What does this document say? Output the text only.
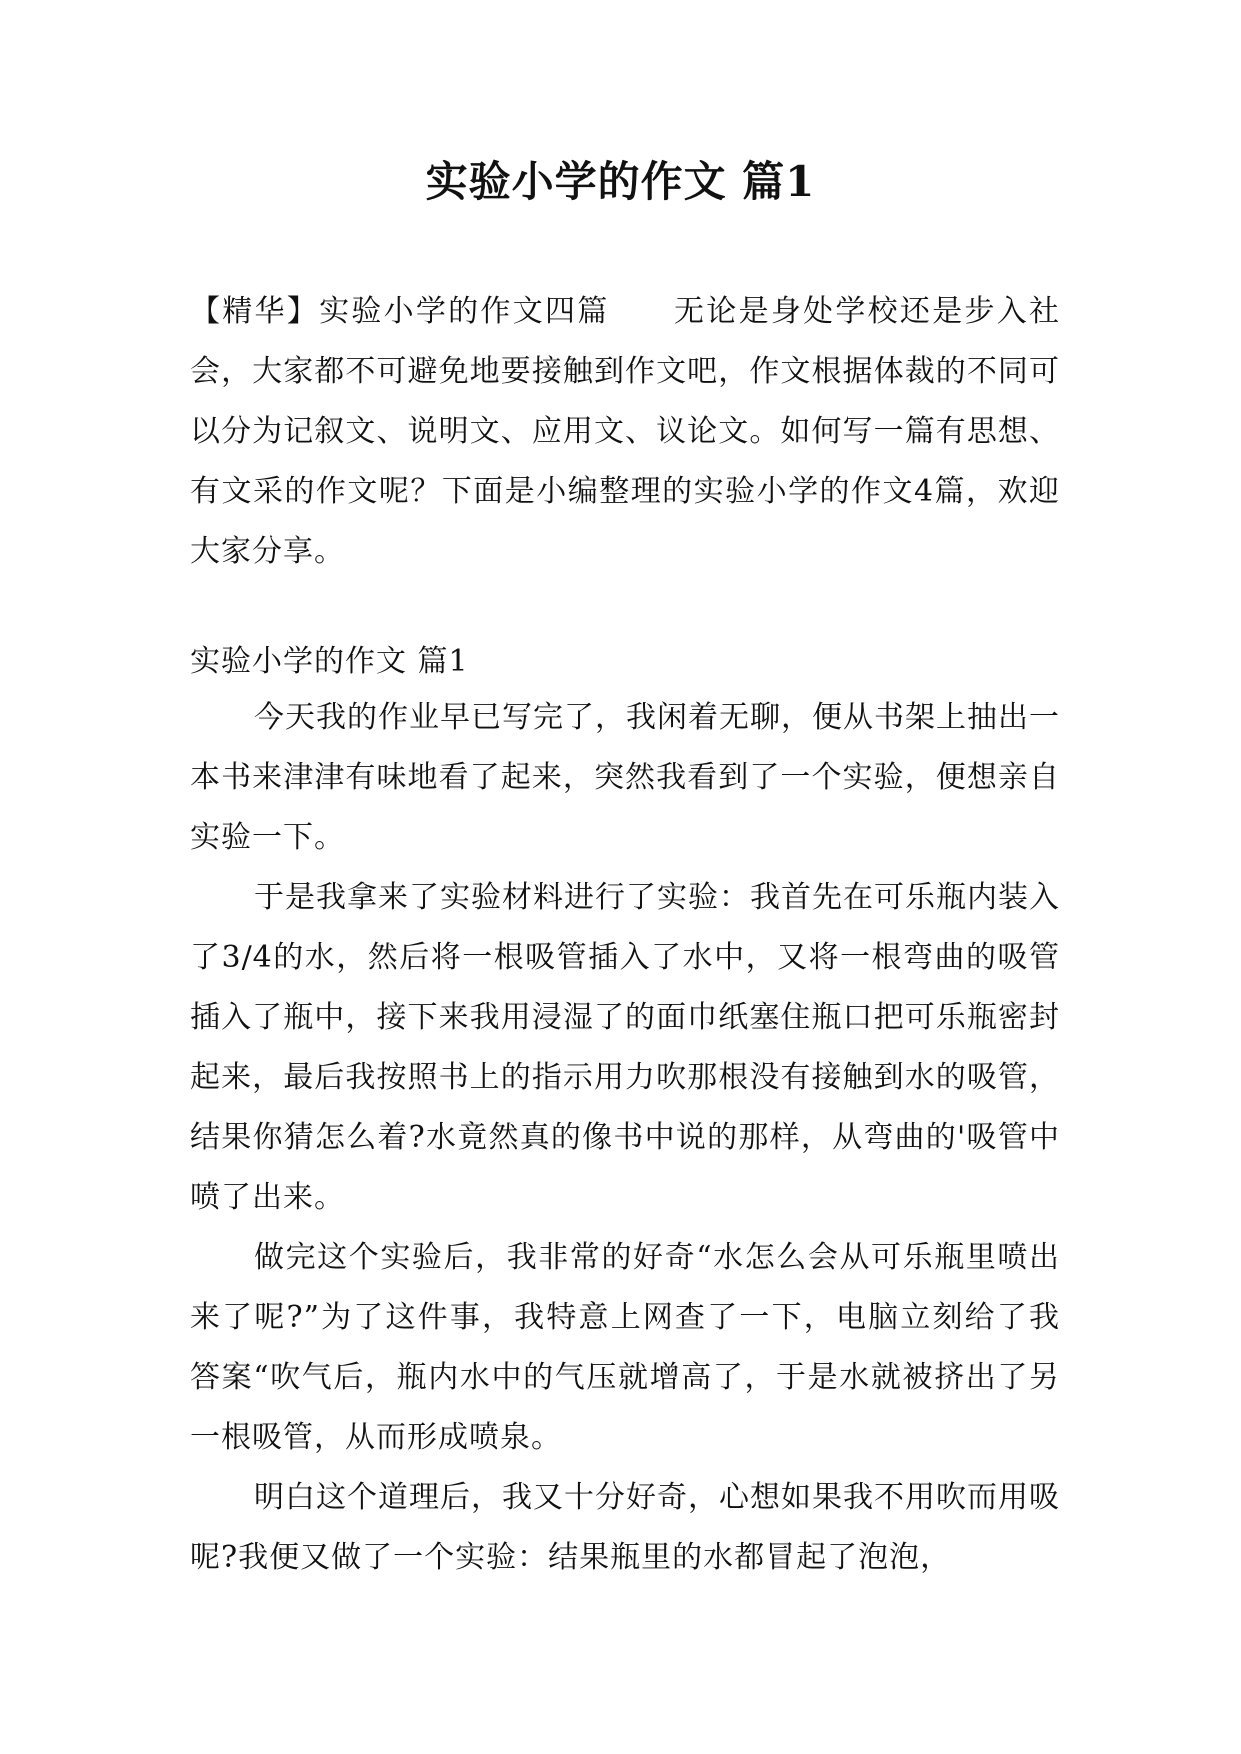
实验小学的作文 篇1

【精华】实验小学的作文四篇　　无论是身处学校还是步入社会，大家都不可避免地要接触到作文吧，作文根据体裁的不同可以分为记叙文、说明文、应用文、议论文。如何写一篇有思想、有文采的作文呢？下面是小编整理的实验小学的作文4篇，欢迎大家分享。

实验小学的作文 篇1

今天我的作业早已写完了，我闲着无聊，便从书架上抽出一本书来津津有味地看了起来，突然我看到了一个实验，便想亲自实验一下。

于是我拿来了实验材料进行了实验：我首先在可乐瓶内装入了3/4的水，然后将一根吸管插入了水中，又将一根弯曲的吸管插入了瓶中，接下来我用浸湿了的面巾纸塞住瓶口把可乐瓶密封起来，最后我按照书上的指示用力吹那根没有接触到水的吸管，结果你猜怎么着?水竟然真的像书中说的那样，从弯曲的'吸管中喷了出来。

做完这个实验后，我非常的好奇“水怎么会从可乐瓶里喷出来了呢?”为了这件事，我特意上网查了一下，电脑立刻给了我答案“吹气后，瓶内水中的气压就增高了，于是水就被挤出了另一根吸管，从而形成喷泉。

明白这个道理后，我又十分好奇，心想如果我不用吹而用吸呢?我便又做了一个实验：结果瓶里的水都冒起了泡泡，
